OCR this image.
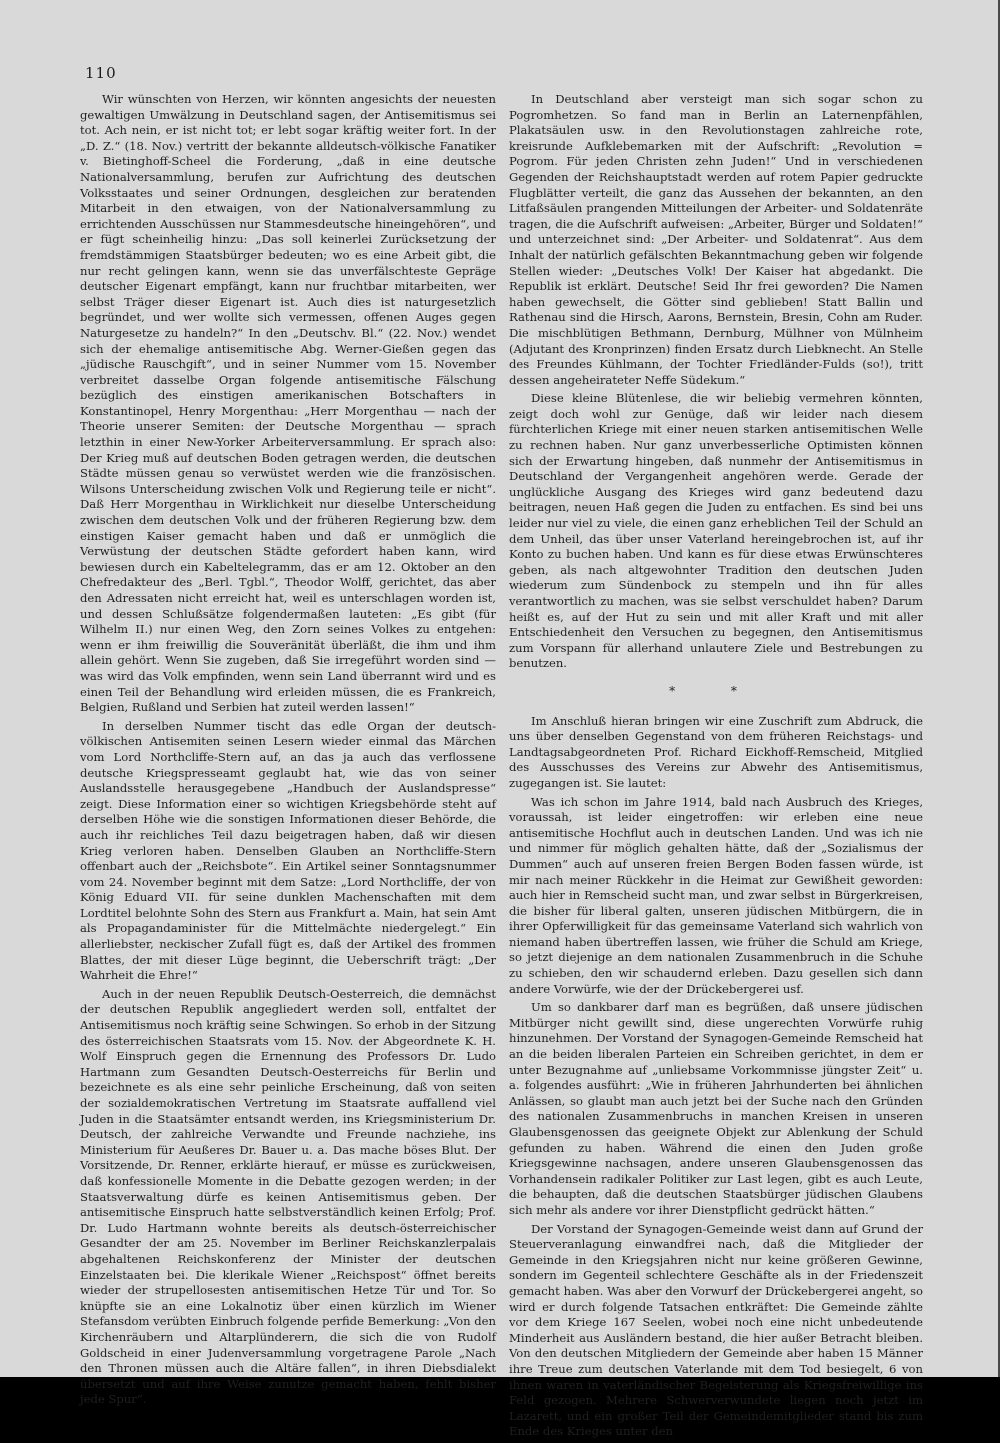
110

Wir wünschten von Herzen, wir könnten angesichts der neuesten gewaltigen Umwälzung in Deutschland sagen, der Antisemitismus sei tot. Ach nein, er ist nicht tot; er lebt sogar kräftig weiter fort. In der „D. Z.“ (18. Nov.) vertritt der bekannte alldeutsch-völkische Fanatiker v. Bietinghoff-Scheel die Forderung, „daß in eine deutsche Nationalversammlung, berufen zur Aufrichtung des deutschen Volksstaates und seiner Ordnungen, desgleichen zur beratenden Mitarbeit in den etwaigen, von der Nationalversammlung zu errichtenden Ausschüssen nur Stammesdeutsche hineingehören“, und er fügt scheinheilig hinzu: „Das soll keinerlei Zurücksetzung der fremdstämmigen Staatsbürger bedeuten; wo es eine Arbeit gibt, die nur recht gelingen kann, wenn sie das unverfälschteste Gepräge deutscher Eigenart empfängt, kann nur fruchtbar mitarbeiten, wer selbst Träger dieser Eigenart ist. Auch dies ist naturgesetzlich begründet, und wer wollte sich vermessen, offenen Auges gegen Naturgesetze zu handeln?“ In den „Deutschv. Bl.“ (22. Nov.) wendet sich der ehemalige antisemitische Abg. Werner-Gießen gegen das „jüdische Rauschgift“, und in seiner Nummer vom 15. November verbreitet dasselbe Organ folgende antisemitische Fälschung bezüglich des einstigen amerikanischen Botschafters in Konstantinopel, Henry Morgenthau: „Herr Morgenthau — nach der Theorie unserer Semiten: der Deutsche Morgenthau — sprach letzthin in einer New-Yorker Arbeiterversammlung. Er sprach also: Der Krieg muß auf deutschen Boden getragen werden, die deutschen Städte müssen genau so verwüstet werden wie die französischen. Wilsons Unterscheidung zwischen Volk und Regierung teile er nicht“. Daß Herr Morgenthau in Wirklichkeit nur dieselbe Unterscheidung zwischen dem deutschen Volk und der früheren Regierung bzw. dem einstigen Kaiser gemacht haben und daß er unmöglich die Verwüstung der deutschen Städte gefordert haben kann, wird bewiesen durch ein Kabeltelegramm, das er am 12. Oktober an den Chefredakteur des „Berl. Tgbl.“, Theodor Wolff, gerichtet, das aber den Adressaten nicht erreicht hat, weil es unterschlagen worden ist, und dessen Schlußsätze folgendermaßen lauteten: „Es gibt (für Wilhelm II.) nur einen Weg, den Zorn seines Volkes zu entgehen: wenn er ihm freiwillig die Souveränität überläßt, die ihm und ihm allein gehört. Wenn Sie zugeben, daß Sie irregeführt worden sind — was wird das Volk empfinden, wenn sein Land überrannt wird und es einen Teil der Behandlung wird erleiden müssen, die es Frankreich, Belgien, Rußland und Serbien hat zuteil werden lassen!“

In derselben Nummer tischt das edle Organ der deutsch-völkischen Antisemiten seinen Lesern wieder einmal das Märchen vom Lord Northcliffe-Stern auf, an das ja auch das verflossene deutsche Kriegspresseamt geglaubt hat, wie das von seiner Auslandsstelle herausgegebene „Handbuch der Auslandspresse“ zeigt. Diese Information einer so wichtigen Kriegsbehörde steht auf derselben Höhe wie die sonstigen Informationen dieser Behörde, die auch ihr reichliches Teil dazu beigetragen haben, daß wir diesen Krieg verloren haben. Denselben Glauben an Northcliffe-Stern offenbart auch der „Reichsbote“. Ein Artikel seiner Sonntagsnummer vom 24. November beginnt mit dem Satze: „Lord Northcliffe, der von König Eduard VII. für seine dunklen Machenschaften mit dem Lordtitel belohnte Sohn des Stern aus Frankfurt a. Main, hat sein Amt als Propagandaminister für die Mittelmächte niedergelegt.“ Ein allerliebster, neckischer Zufall fügt es, daß der Artikel des frommen Blattes, der mit dieser Lüge beginnt, die Ueberschrift trägt: „Der Wahrheit die Ehre!“

Auch in der neuen Republik Deutsch-Oesterreich, die demnächst der deutschen Republik angegliedert werden soll, entfaltet der Antisemitismus noch kräftig seine Schwingen. So erhob in der Sitzung des österreichischen Staatsrats vom 15. Nov. der Abgeordnete K. H. Wolf Einspruch gegen die Ernennung des Professors Dr. Ludo Hartmann zum Gesandten Deutsch-Oesterreichs für Berlin und bezeichnete es als eine sehr peinliche Erscheinung, daß von seiten der sozialdemokratischen Vertretung im Staatsrate auffallend viel Juden in die Staatsämter entsandt werden, ins Kriegsministerium Dr. Deutsch, der zahlreiche Verwandte und Freunde nachziehe, ins Ministerium für Aeußeres Dr. Bauer u. a. Das mache böses Blut. Der Vorsitzende, Dr. Renner, erklärte hierauf, er müsse es zurückweisen, daß konfessionelle Momente in die Debatte gezogen werden; in der Staatsverwaltung dürfe es keinen Antisemitismus geben. Der antisemitische Einspruch hatte selbstverständlich keinen Erfolg; Prof. Dr. Ludo Hartmann wohnte bereits als deutsch-österreichischer Gesandter der am 25. November im Berliner Reichskanzlerpalais abgehaltenen Reichskonferenz der Minister der deutschen Einzelstaaten bei. Die klerikale Wiener „Reichspost“ öffnet bereits wieder der strupellosesten antisemitischen Hetze Tür und Tor. So knüpfte sie an eine Lokalnotiz über einen kürzlich im Wiener Stefansdom verübten Einbruch folgende perfide Bemerkung: „Von den Kirchenräubern und Altarplünderern, die sich die von Rudolf Goldscheid in einer Judenversammlung vorgetragene Parole „Nach den Thronen müssen auch die Altäre fallen“, in ihren Diebsdialekt übersetzt und auf ihre Weise zunutze gemacht haben, fehlt bisher jede Spur“.

In Deutschland aber versteigt man sich sogar schon zu Pogromhetzen. So fand man in Berlin an Laternenpfählen, Plakatsäulen usw. in den Revolutionstagen zahlreiche rote, kreisrunde Aufklebemarken mit der Aufschrift: „Revolution = Pogrom. Für jeden Christen zehn Juden!“ Und in verschiedenen Gegenden der Reichshauptstadt werden auf rotem Papier gedruckte Flugblätter verteilt, die ganz das Aussehen der bekannten, an den Litfaßsäulen prangenden Mitteilungen der Arbeiter- und Soldatenräte tragen, die die Aufschrift aufweisen: „Arbeiter, Bürger und Soldaten!“ und unterzeichnet sind: „Der Arbeiter- und Soldatenrat“. Aus dem Inhalt der natürlich gefälschten Bekanntmachung geben wir folgende Stellen wieder: „Deutsches Volk! Der Kaiser hat abgedankt. Die Republik ist erklärt. Deutsche! Seid Ihr frei geworden? Die Namen haben gewechselt, die Götter sind geblieben! Statt Ballin und Rathenau sind die Hirsch, Aarons, Bernstein, Bresin, Cohn am Ruder. Die mischblütigen Bethmann, Dernburg, Mülhner von Mülnheim (Adjutant des Kronprinzen) finden Ersatz durch Liebknecht. An Stelle des Freundes Kühlmann, der Tochter Friedländer-Fulds (so!), tritt dessen angeheirateter Neffe Südekum.“

Diese kleine Blütenlese, die wir beliebig vermehren könnten, zeigt doch wohl zur Genüge, daß wir leider nach diesem fürchterlichen Kriege mit einer neuen starken antisemitischen Welle zu rechnen haben. Nur ganz unverbesserliche Optimisten können sich der Erwartung hingeben, daß nunmehr der Antisemitismus in Deutschland der Vergangenheit angehören werde. Gerade der unglückliche Ausgang des Krieges wird ganz bedeutend dazu beitragen, neuen Haß gegen die Juden zu entfachen. Es sind bei uns leider nur viel zu viele, die einen ganz erheblichen Teil der Schuld an dem Unheil, das über unser Vaterland hereingebrochen ist, auf ihr Konto zu buchen haben. Und kann es für diese etwas Erwünschteres geben, als nach altgewohnter Tradition den deutschen Juden wiederum zum Sündenbock zu stempeln und ihn für alles verantwortlich zu machen, was sie selbst verschuldet haben? Darum heißt es, auf der Hut zu sein und mit aller Kraft und mit aller Entschiedenheit den Versuchen zu begegnen, den Antisemitismus zum Vorspann für allerhand unlautere Ziele und Bestrebungen zu benutzen.

* *

Im Anschluß hieran bringen wir eine Zuschrift zum Abdruck, die uns über denselben Gegenstand von dem früheren Reichstags- und Landtagsabgeordneten Prof. Richard Eickhoff-Remscheid, Mitglied des Ausschusses des Vereins zur Abwehr des Antisemitismus, zugegangen ist. Sie lautet:

Was ich schon im Jahre 1914, bald nach Ausbruch des Krieges, voraussah, ist leider eingetroffen: wir erleben eine neue antisemitische Hochflut auch in deutschen Landen. Und was ich nie und nimmer für möglich gehalten hätte, daß der „Sozialismus der Dummen“ auch auf unseren freien Bergen Boden fassen würde, ist mir nach meiner Rückkehr in die Heimat zur Gewißheit geworden: auch hier in Remscheid sucht man, und zwar selbst in Bürgerkreisen, die bisher für liberal galten, unseren jüdischen Mitbürgern, die in ihrer Opferwilligkeit für das gemeinsame Vaterland sich wahrlich von niemand haben übertreffen lassen, wie früher die Schuld am Kriege, so jetzt diejenige an dem nationalen Zusammenbruch in die Schuhe zu schieben, den wir schaudernd erleben. Dazu gesellen sich dann andere Vorwürfe, wie der der Drückebergerei usf.

Um so dankbarer darf man es begrüßen, daß unsere jüdischen Mitbürger nicht gewillt sind, diese ungerechten Vorwürfe ruhig hinzunehmen. Der Vorstand der Synagogen-Gemeinde Remscheid hat an die beiden liberalen Parteien ein Schreiben gerichtet, in dem er unter Bezugnahme auf „unliebsame Vorkommnisse jüngster Zeit“ u. a. folgendes ausführt: „Wie in früheren Jahrhunderten bei ähnlichen Anlässen, so glaubt man auch jetzt bei der Suche nach den Gründen des nationalen Zusammenbruchs in manchen Kreisen in unseren Glaubensgenossen das geeignete Objekt zur Ablenkung der Schuld gefunden zu haben. Während die einen den Juden große Kriegsgewinne nachsagen, andere unseren Glaubensgenossen das Vorhandensein radikaler Politiker zur Last legen, gibt es auch Leute, die behaupten, daß die deutschen Staatsbürger jüdischen Glaubens sich mehr als andere vor ihrer Dienstpflicht gedrückt hätten.“

Der Vorstand der Synagogen-Gemeinde weist dann auf Grund der Steuerveranlagung einwandfrei nach, daß die Mitglieder der Gemeinde in den Kriegsjahren nicht nur keine größeren Gewinne, sondern im Gegenteil schlechtere Geschäfte als in der Friedenszeit gemacht haben. Was aber den Vorwurf der Drückebergerei angeht, so wird er durch folgende Tatsachen entkräftet: Die Gemeinde zählte vor dem Kriege 167 Seelen, wobei noch eine nicht unbedeutende Minderheit aus Ausländern bestand, die hier außer Betracht bleiben. Von den deutschen Mitgliedern der Gemeinde aber haben 15 Männer ihre Treue zum deutschen Vaterlande mit dem Tod besiegelt, 6 von ihnen waren in vaterländischer Begeisterung als Kriegsfreiwillige ins Feld gezogen. Mehrere Schwerverwundete liegen noch jetzt im Lazarett, und ein großer Teil der Gemeindemitglieder stand bis zum Ende des Krieges unter den
